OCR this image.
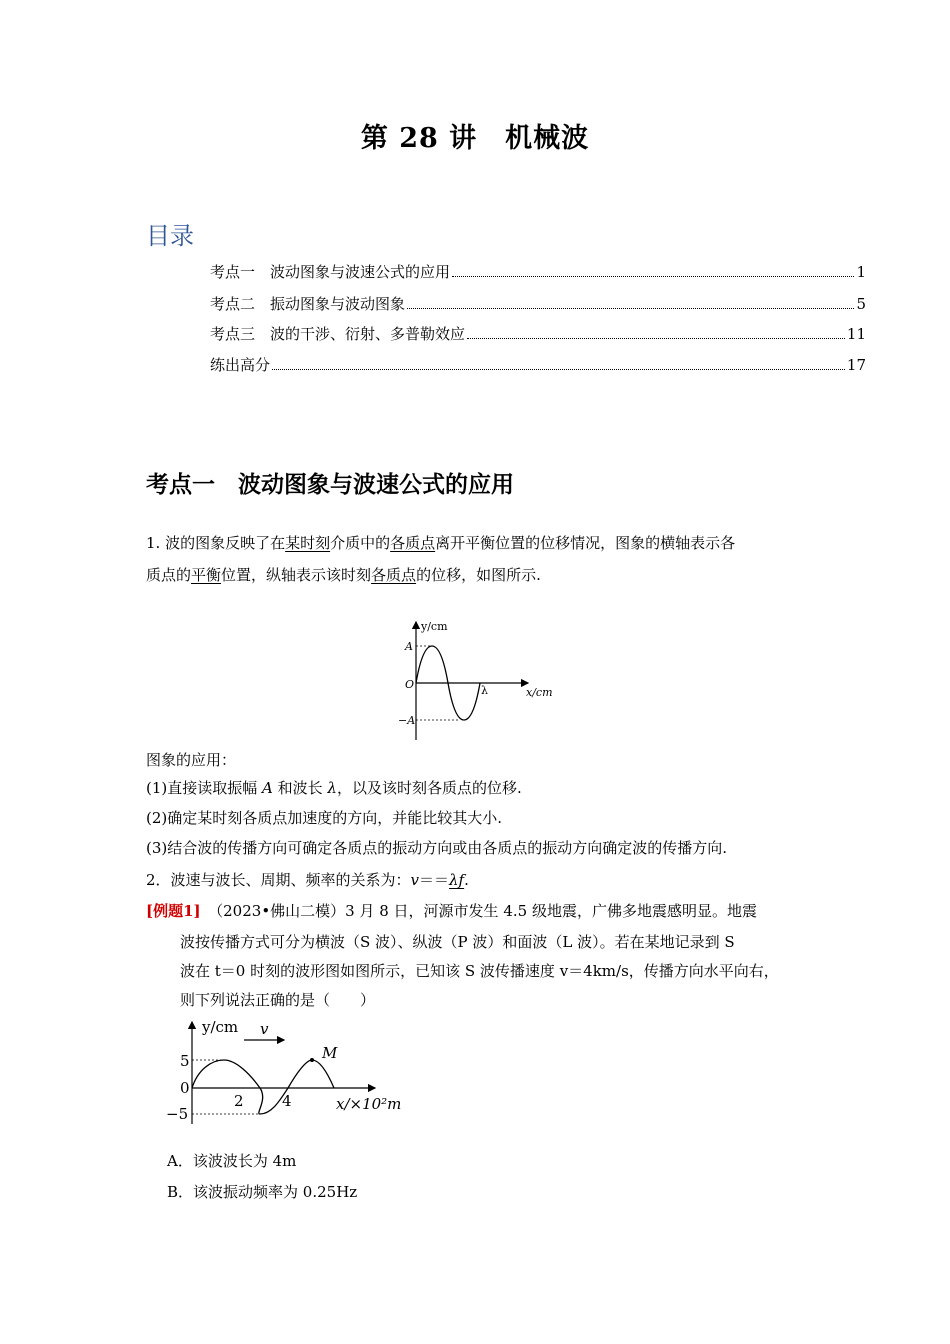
第 28 讲　机械波
目录
考点一　波动图象与波速公式的应用	1
考点二　振动图象与波动图象	5
考点三　波的干涉、衍射、多普勒效应	11
练出高分	17
考点一　波动图象与波速公式的应用
1. 波的图象反映了在某时刻介质中的各质点离开平衡位置的位移情况，图象的横轴表示各
质点的平衡位置，纵轴表示该时刻各质点的位移，如图所示.
y/cm
x/cm
A
O
−A
λ
图象的应用：
(1)直接读取振幅 A 和波长 λ，以及该时刻各质点的位移.
(2)确定某时刻各质点加速度的方向，并能比较其大小.
(3)结合波的传播方向可确定各质点的振动方向或由各质点的振动方向确定波的传播方向.
2．波速与波长、周期、频率的关系为：v＝＝λf.
[例题1]　（2023•佛山二模）3 月 8 日，河源市发生 4.5 级地震，广佛多地震感明显。地震
波按传播方式可分为横波（S 波）、纵波（P 波）和面波（L 波）。若在某地记录到 S
波在 t＝0 时刻的波形图如图所示，已知该 S 波传播速度 v＝4km/s，传播方向水平向右，
则下列说法正确的是（　　）
v
M
y/cm
x/×10²m
5
0
−5
2	4
A．该波波长为 4m
B．该波振动频率为 0.25Hz
